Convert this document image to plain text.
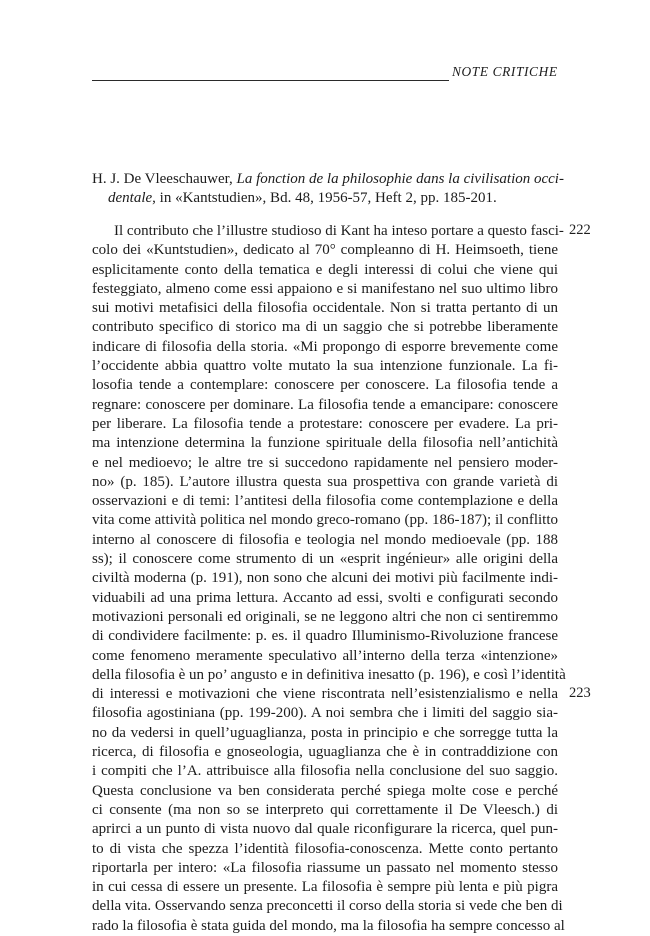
NOTE CRITICHE
H. J. De Vleeschauwer, La fonction de la philosophie dans la civilisation occi-
dentale, in «Kantstudien», Bd. 48, 1956-57, Heft 2, pp. 185-201.
Il contributo che l’illustre studioso di Kant ha inteso portare a questo fasci-
colo dei «Kuntstudien», dedicato al 70° compleanno di H. Heimsoeth, tiene
esplicitamente conto della tematica e degli interessi di colui che viene qui
festeggiato, almeno come essi appaiono e si manifestano nel suo ultimo libro
sui motivi metafisici della filosofia occidentale. Non si tratta pertanto di un
contributo specifico di storico ma di un saggio che si potrebbe liberamente
indicare di filosofia della storia. «Mi propongo di esporre brevemente come
l’occidente abbia quattro volte mutato la sua intenzione funzionale. La fi-
losofia tende a contemplare: conoscere per conoscere. La filosofia tende a
regnare: conoscere per dominare. La filosofia tende a emancipare: conoscere
per liberare. La filosofia tende a protestare: conoscere per evadere. La pri-
ma intenzione determina la funzione spirituale della filosofia nell’antichità
e nel medioevo; le altre tre si succedono rapidamente nel pensiero moder-
no» (p. 185). L’autore illustra questa sua prospettiva con grande varietà di
osservazioni e di temi: l’antitesi della filosofia come contemplazione e della
vita come attività politica nel mondo greco-romano (pp. 186-187); il conflitto
interno al conoscere di filosofia e teologia nel mondo medioevale (pp. 188
ss); il conoscere come strumento di un «esprit ingénieur» alle origini della
civiltà moderna (p. 191), non sono che alcuni dei motivi più facilmente indi-
viduabili ad una prima lettura. Accanto ad essi, svolti e configurati secondo
motivazioni personali ed originali, se ne leggono altri che non ci sentiremmo
di condividere facilmente: p. es. il quadro Illuminismo-Rivoluzione francese
come fenomeno meramente speculativo all’interno della terza «intenzione»
della filosofia è un po’ angusto e in definitiva inesatto (p. 196), e così l’identità
di interessi e motivazioni che viene riscontrata nell’esistenzialismo e nella
filosofia agostiniana (pp. 199-200). A noi sembra che i limiti del saggio sia-
no da vedersi in quell’uguaglianza, posta in principio e che sorregge tutta la
ricerca, di filosofia e gnoseologia, uguaglianza che è in contraddizione con
i compiti che l’A. attribuisce alla filosofia nella conclusione del suo saggio.
Questa conclusione va ben considerata perché spiega molte cose e perché
ci consente (ma non so se interpreto qui correttamente il De Vleesch.) di
aprirci a un punto di vista nuovo dal quale riconfigurare la ricerca, quel pun-
to di vista che spezza l’identità filosofia-conoscenza. Mette conto pertanto
riportarla per intero: «La filosofia riassume un passato nel momento stesso
in cui cessa di essere un presente. La filosofia è sempre più lenta e più pigra
della vita. Osservando senza preconcetti il corso della storia si vede che ben di
rado la filosofia è stata guida del mondo, ma la filosofia ha sempre concesso al
222
223
